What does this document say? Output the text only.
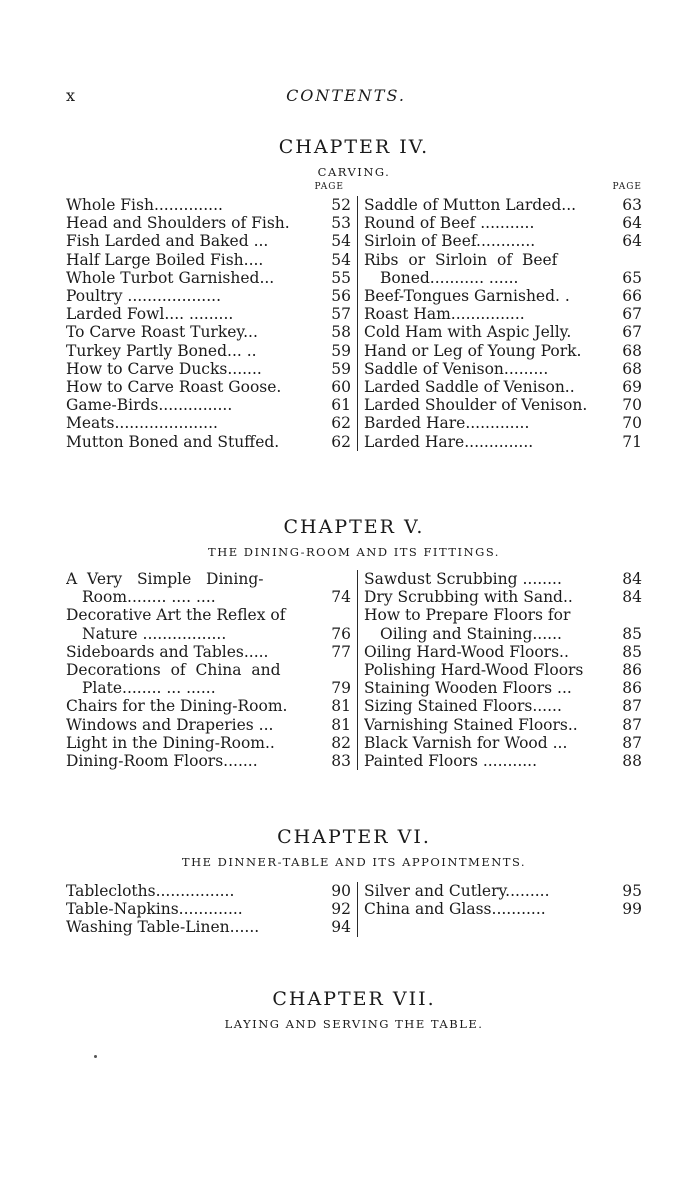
x	CONTENTS.
CHAPTER IV.
CARVING.
PAGE	PAGE
Whole Fish..............	52
Head and Shoulders of Fish.	53
Fish Larded and Baked ...	54
Half Large Boiled Fish....	54
Whole Turbot Garnished...	55
Poultry ...................	56
Larded Fowl.... .........	57
To Carve Roast Turkey...	58
Turkey Partly Boned... ..	59
How to Carve Ducks.......	59
How to Carve Roast Goose.	60
Game-Birds...............	61
Meats.....................	62
Mutton Boned and Stuffed.	62
Saddle of Mutton Larded...	63
Round of Beef ...........	64
Sirloin of Beef............	64
Ribs  or  Sirloin  of  Beef
Boned........... ......	65
Beef-Tongues Garnished. .	66
Roast Ham...............	67
Cold Ham with Aspic Jelly.	67
Hand or Leg of Young Pork.	68
Saddle of Venison.........	68
Larded Saddle of Venison..	69
Larded Shoulder of Venison.	70
Barded Hare.............	70
Larded Hare..............	71
CHAPTER V.
THE DINING-ROOM AND ITS FITTINGS.
A  Very   Simple   Dining-
Room........ .... ....	74
Decorative Art the Reflex of
Nature .................	76
Sideboards and Tables.....	77
Decorations  of  China  and
Plate........ ... ......	79
Chairs for the Dining-Room.	81
Windows and Draperies ...	81
Light in the Dining-Room..	82
Dining-Room Floors.......	83
Sawdust Scrubbing ........	84
Dry Scrubbing with Sand..	84
How to Prepare Floors for
Oiling and Staining......	85
Oiling Hard-Wood Floors..	85
Polishing Hard-Wood Floors	86
Staining Wooden Floors ...	86
Sizing Stained Floors......	87
Varnishing Stained Floors..	87
Black Varnish for Wood ...	87
Painted Floors ...........	88
CHAPTER VI.
THE DINNER-TABLE AND ITS APPOINTMENTS.
Tablecloths................	90
Table-Napkins.............	92
Washing Table-Linen......	94
Silver and Cutlery.........	95
China and Glass...........	99
CHAPTER VII.
LAYING AND SERVING THE TABLE.
